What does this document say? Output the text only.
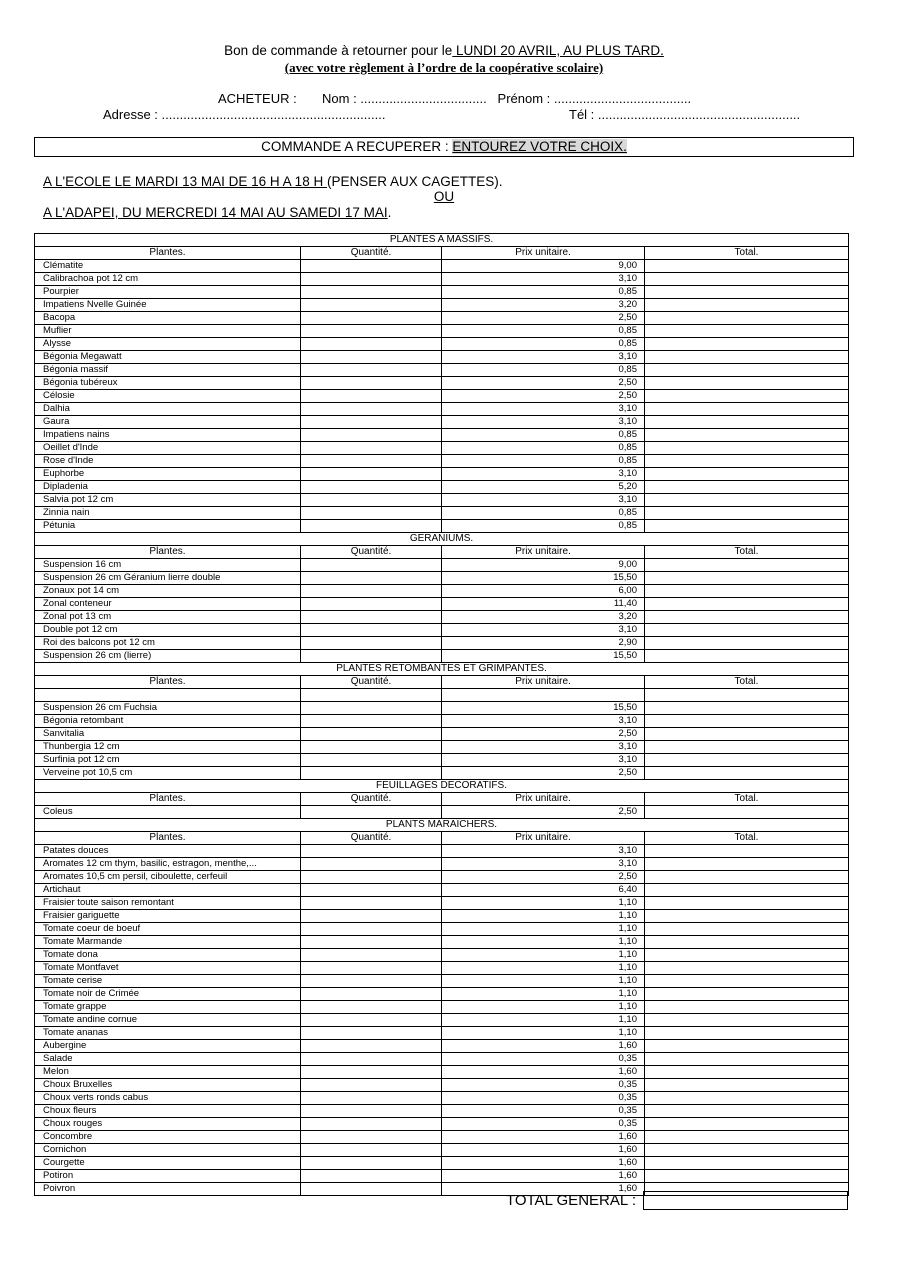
Bon de commande à retourner pour le LUNDI 20 AVRIL, AU PLUS TARD.
(avec votre règlement à l’ordre de la coopérative scolaire)
ACHETEUR :       Nom : ...................................   Prénom : ......................................
Adresse : ..............................................................	Tél : ........................................................
COMMANDE A RECUPERER : ENTOUREZ VOTRE CHOIX.
A L'ECOLE LE MARDI 13 MAI DE 16 H A 18 H (PENSER AUX CAGETTES).
OU
A L'ADAPEI, DU MERCREDI 14 MAI AU SAMEDI 17 MAI.
PLANTES A MASSIFS.			
Plantes.	Quantité.	Prix unitaire.	Total.
Clématite		9,00	
Calibrachoa pot 12 cm		3,10	
Pourpier		0,85	
Impatiens Nvelle Guinée		3,20	
Bacopa		2,50	
Muflier		0,85	
Alysse		0,85	
Bégonia Megawatt		3,10	
Bégonia massif		0,85	
Bégonia tubéreux		2,50	
Célosie		2,50	
Dalhia		3,10	
Gaura		3,10	
Impatiens nains		0,85	
Oeillet d'Inde		0,85	
Rose d'Inde		0,85	
Euphorbe		3,10	
Dipladenia		5,20	
Salvia pot 12 cm		3,10	
Zinnia nain		0,85	
Pétunia		0,85	
GERANIUMS.			
Plantes.	Quantité.	Prix unitaire.	Total.
Suspension 16 cm		9,00	
Suspension 26 cm Géranium lierre double		15,50	
Zonaux pot 14 cm		6,00	
Zonal conteneur		11,40	
Zonal pot 13 cm		3,20	
Double pot 12 cm		3,10	
Roi des balcons pot 12 cm		2,90	
Suspension 26 cm (lierre)		15,50	
PLANTES RETOMBANTES ET GRIMPANTES.			
Plantes.	Quantité.	Prix unitaire.	Total.

Suspension 26 cm Fuchsia		15,50	
Bégonia retombant		3,10	
Sanvitalia		2,50	
Thunbergia 12 cm		3,10	
Surfinia pot 12 cm		3,10	
Verveine pot 10,5 cm		2,50	
FEUILLAGES DECORATIFS.			
Plantes.	Quantité.	Prix unitaire.	Total.
Coleus		2,50	
PLANTS MARAÎCHERS.			
Plantes.	Quantité.	Prix unitaire.	Total.
Patates douces		3,10	
Aromates 12 cm thym, basilic, estragon, menthe,...		3,10	
Aromates 10,5 cm persil, ciboulette, cerfeuil		2,50	
Artichaut		6,40	
Fraisier toute saison remontant		1,10	
Fraisier gariguette		1,10	
Tomate coeur de boeuf		1,10	
Tomate Marmande		1,10	
Tomate dona		1,10	
Tomate Montfavet		1,10	
Tomate cerise		1,10	
Tomate noir de Crimée		1,10	
Tomate grappe		1,10	
Tomate andine cornue		1,10	
Tomate ananas		1,10	
Aubergine		1,60	
Salade		0,35	
Melon		1,60	
Choux Bruxelles		0,35	
Choux verts ronds cabus		0,35	
Choux fleurs		0,35	
Choux rouges		0,35	
Concombre		1,60	
Cornichon		1,60	
Courgette		1,60	
Potiron		1,60	
Poivron		1,60	
TOTAL GENERAL :
